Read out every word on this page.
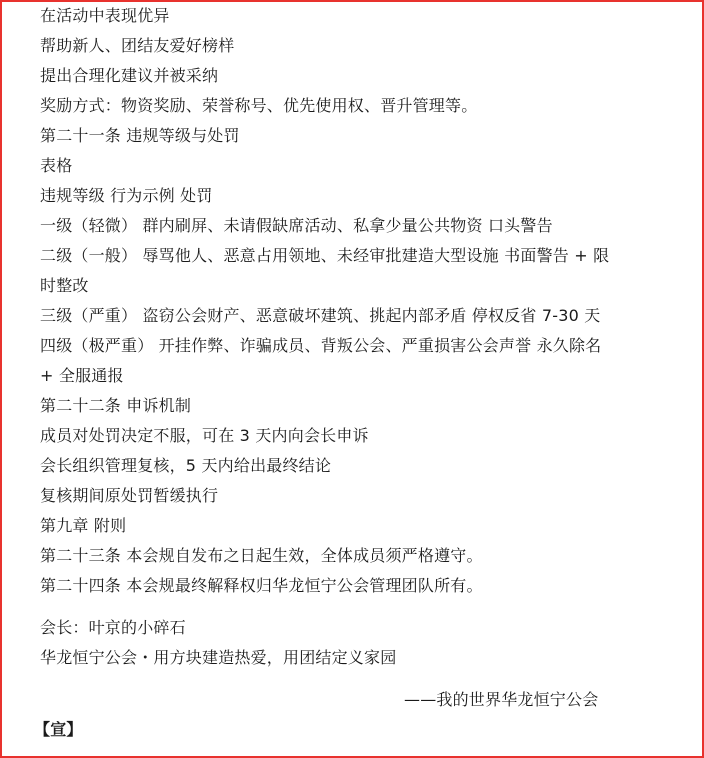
在活动中表现优异
帮助新人、团结友爱好榜样
提出合理化建议并被采纳
奖励方式：物资奖励、荣誉称号、优先使用权、晋升管理等。
第二十一条 违规等级与处罚
表格
违规等级 行为示例 处罚
一级（轻微） 群内刷屏、未请假缺席活动、私拿少量公共物资 口头警告
二级（一般） 辱骂他人、恶意占用领地、未经审批建造大型设施 书面警告 + 限
时整改
三级（严重） 盗窃公会财产、恶意破坏建筑、挑起内部矛盾 停权反省 7-30 天
四级（极严重） 开挂作弊、诈骗成员、背叛公会、严重损害公会声誉 永久除名
+ 全服通报
第二十二条 申诉机制
成员对处罚决定不服，可在 3 天内向会长申诉
会长组织管理复核，5 天内给出最终结论
复核期间原处罚暂缓执行
第九章 附则
第二十三条 本会规自发布之日起生效，全体成员须严格遵守。
第二十四条 本会规最终解释权归华龙恒宁公会管理团队所有。
会长：叶京的小碎石
华龙恒宁公会・用方块建造热爱，用团结定义家园
——我的世界华龙恒宁公会
【宣】
